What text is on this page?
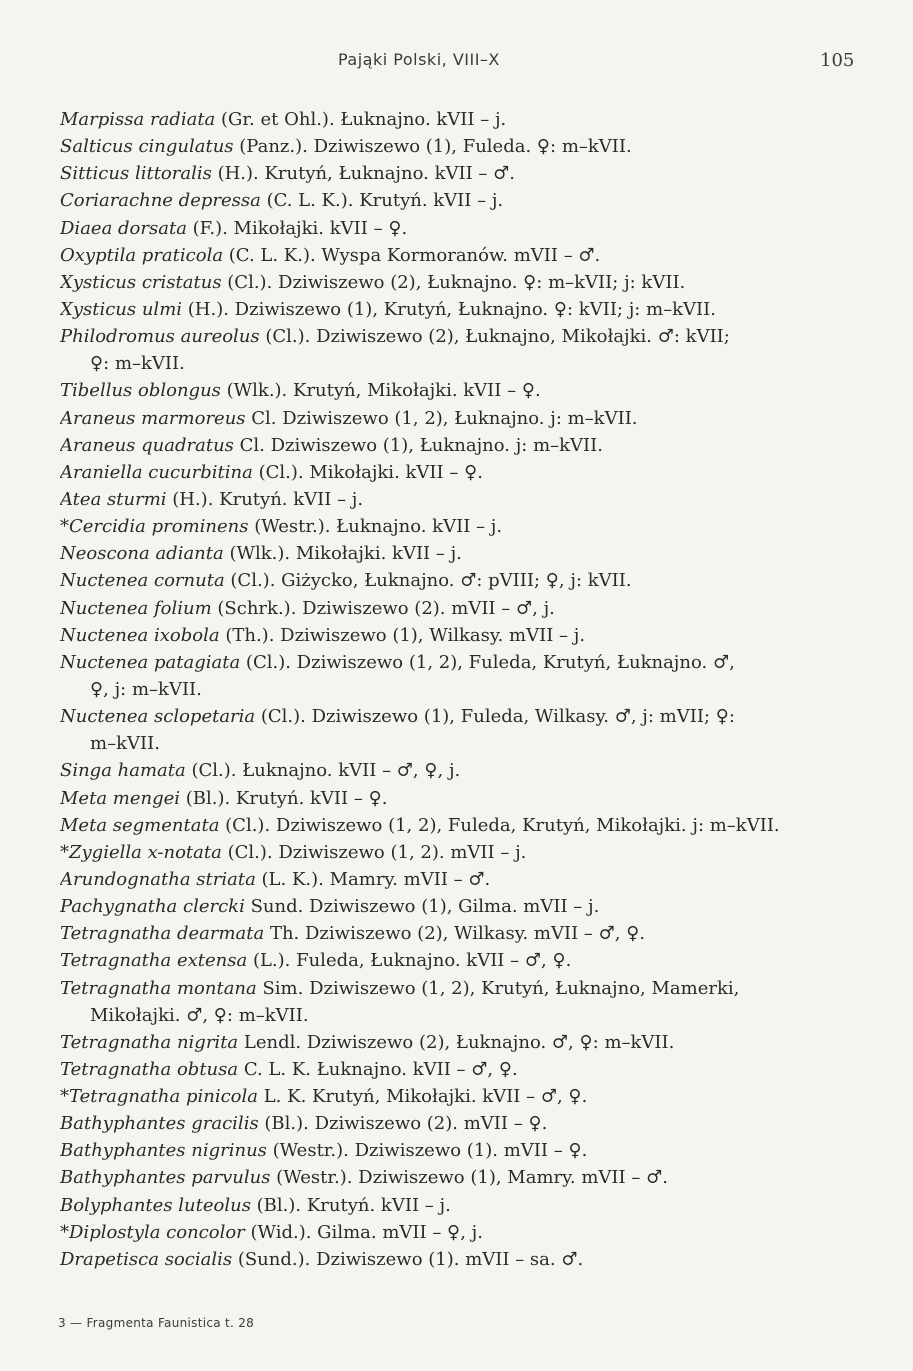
Pająki Polski, VIII–X	105
Marpissa radiata (Gr. et Ohl.). Łuknajno. kVII – j.
Salticus cingulatus (Panz.). Dziwiszewo (1), Fuleda. ♀: m–kVII.
Sitticus littoralis (H.). Krutyń, Łuknajno. kVII – ♂.
Coriarachne depressa (C. L. K.). Krutyń. kVII – j.
Diaea dorsata (F.). Mikołajki. kVII – ♀.
Oxyptila praticola (C. L. K.). Wyspa Kormoranów. mVII – ♂.
Xysticus cristatus (Cl.). Dziwiszewo (2), Łuknajno. ♀: m–kVII; j: kVII.
Xysticus ulmi (H.). Dziwiszewo (1), Krutyń, Łuknajno. ♀: kVII; j: m–kVII.
Philodromus aureolus (Cl.). Dziwiszewo (2), Łuknajno, Mikołajki. ♂: kVII;
♀: m–kVII.
Tibellus oblongus (Wlk.). Krutyń, Mikołajki. kVII – ♀.
Araneus marmoreus Cl. Dziwiszewo (1, 2), Łuknajno. j: m–kVII.
Araneus quadratus Cl. Dziwiszewo (1), Łuknajno. j: m–kVII.
Araniella cucurbitina (Cl.). Mikołajki. kVII – ♀.
Atea sturmi (H.). Krutyń. kVII – j.
*Cercidia prominens (Westr.). Łuknajno. kVII – j.
Neoscona adianta (Wlk.). Mikołajki. kVII – j.
Nuctenea cornuta (Cl.). Giżycko, Łuknajno. ♂: pVIII; ♀, j: kVII.
Nuctenea folium (Schrk.). Dziwiszewo (2). mVII – ♂, j.
Nuctenea ixobola (Th.). Dziwiszewo (1), Wilkasy. mVII – j.
Nuctenea patagiata (Cl.). Dziwiszewo (1, 2), Fuleda, Krutyń, Łuknajno. ♂,
♀, j: m–kVII.
Nuctenea sclopetaria (Cl.). Dziwiszewo (1), Fuleda, Wilkasy. ♂, j: mVII; ♀:
m–kVII.
Singa hamata (Cl.). Łuknajno. kVII – ♂, ♀, j.
Meta mengei (Bl.). Krutyń. kVII – ♀.
Meta segmentata (Cl.). Dziwiszewo (1, 2), Fuleda, Krutyń, Mikołajki. j: m–kVII.
*Zygiella x-notata (Cl.). Dziwiszewo (1, 2). mVII – j.
Arundognatha striata (L. K.). Mamry. mVII – ♂.
Pachygnatha clercki Sund. Dziwiszewo (1), Gilma. mVII – j.
Tetragnatha dearmata Th. Dziwiszewo (2), Wilkasy. mVII – ♂, ♀.
Tetragnatha extensa (L.). Fuleda, Łuknajno. kVII – ♂, ♀.
Tetragnatha montana Sim. Dziwiszewo (1, 2), Krutyń, Łuknajno, Mamerki,
Mikołajki. ♂, ♀: m–kVII.
Tetragnatha nigrita Lendl. Dziwiszewo (2), Łuknajno. ♂, ♀: m–kVII.
Tetragnatha obtusa C. L. K. Łuknajno. kVII – ♂, ♀.
*Tetragnatha pinicola L. K. Krutyń, Mikołajki. kVII – ♂, ♀.
Bathyphantes gracilis (Bl.). Dziwiszewo (2). mVII – ♀.
Bathyphantes nigrinus (Westr.). Dziwiszewo (1). mVII – ♀.
Bathyphantes parvulus (Westr.). Dziwiszewo (1), Mamry. mVII – ♂.
Bolyphantes luteolus (Bl.). Krutyń. kVII – j.
*Diplostyla concolor (Wid.). Gilma. mVII – ♀, j.
Drapetisca socialis (Sund.). Dziwiszewo (1). mVII – sa. ♂.
3 — Fragmenta Faunistica t. 28
